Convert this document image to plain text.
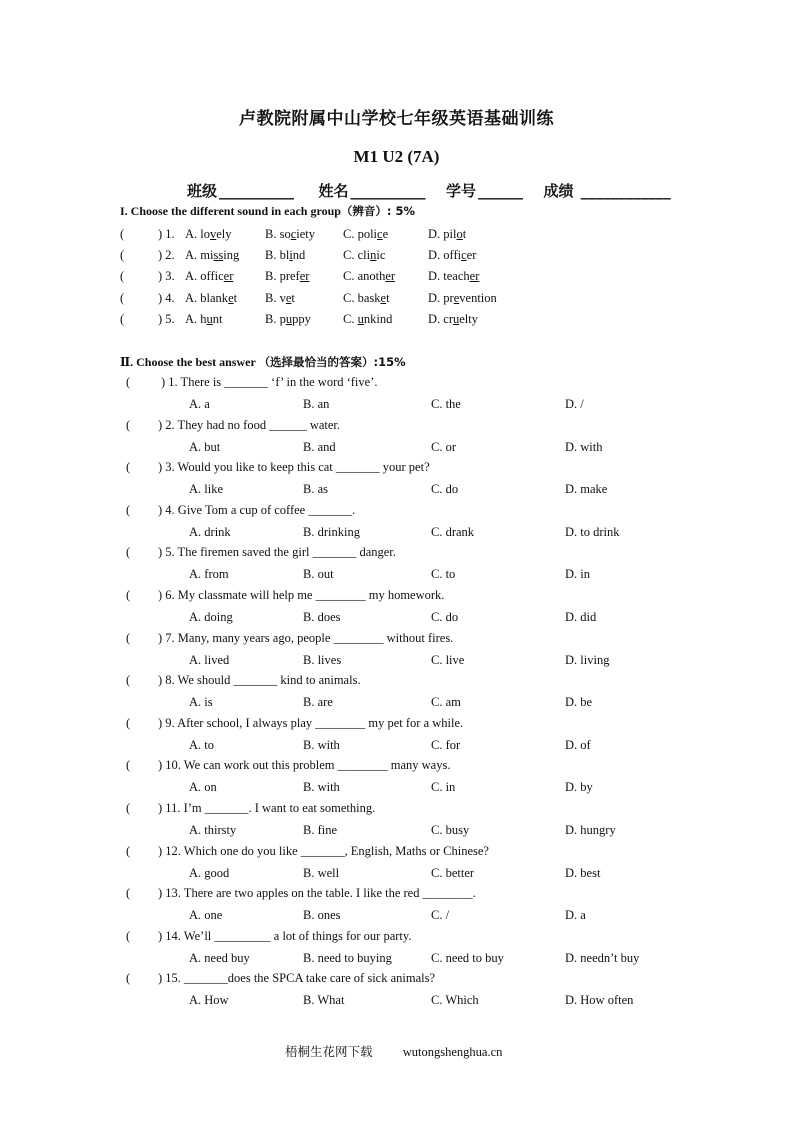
卢教院附属中山学校七年级英语基础训练
M1 U2 (7A)
班级 __________ 姓名 __________ 学号 ______ 成绩 ____________
I. Choose the different sound in each group（辨音）: 5%
(	) 1. A. lovely	B. society C. police	D. pilot
(	) 2. A. missing B. blind	C. clinic	D. officer
(	) 3. A. officer	B. prefer	C. another	D. teacher
(	) 4. A. blanket B. vet	C. basket	D. prevention
(	) 5. A. hunt	B. puppy	C. unkind	D. cruelty
Ⅱ. Choose the best answer （选择最恰当的答案）:15%
( ) 1. There is _______ ‘f’ in the word ‘five’.
A. a	B. an	C. the	D. /
( ) 2. They had no food ______ water.
A. but	B. and	C. or	D. with
( ) 3. Would you like to keep this cat _______ your pet?
A. like	B. as	C. do	D. make
( ) 4. Give Tom a cup of coffee _______.
A. drink	B. drinking	C. drank	D. to drink
( ) 5. The firemen saved the girl _______ danger.
A. from	B. out	C. to	D. in
( ) 6. My classmate will help me ________ my homework.
A. doing	B. does	C. do	D. did
( ) 7. Many, many years ago, people ________ without fires.
A. lived	B. lives	C. live	D. living
( ) 8. We should _______ kind to animals.
A. is	B. are	C. am	D. be
( ) 9. After school, I always play ________ my pet for a while.
A. to	B. with	C. for	D. of
( ) 10. We can work out this problem ________ many ways.
A. on	B. with	C. in	D. by
( ) 11. I’m _______. I want to eat something.
A. thirsty	B. fine	C. busy	D. hungry
( ) 12. Which one do you like _______, English, Maths or Chinese?
A. good	B. well	C. better	D. best
( ) 13. There are two apples on the table. I like the red ________.
A. one	B. ones	C. /	D. a
( ) 14. We’ll _________ a lot of things for our party.
A. need buy	B. need to buying	C. need to buy	D. needn’t buy
( ) 15. _______does the SPCA take care of sick animals?
A. How	B. What	C. Which	D. How often
梧桐生花网下载 wutongshenghua.cn
